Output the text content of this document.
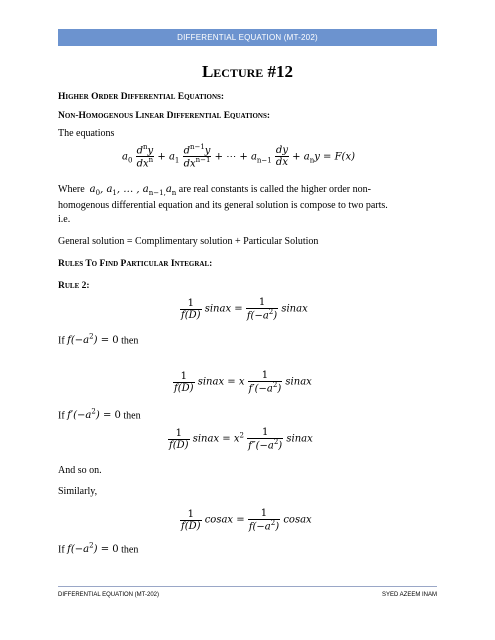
DIFFERENTIAL EQUATION (MT-202)
Lecture #12
Higher Order Differential Equations:
Non-Homogenous Linear Differential Equations:
The equations
$a_0 \frac{d^ny}{dx^n} + a_1 \frac{d^{n-1}y}{dx^{n-1}}$ + ⋯ + $a_{n-1} \frac{dy}{dx} + a_ny = F(x)$
Where  $a_0$, $a_1$, … , $a_{n-1,}a_n$ are real constants is called the higher order non-
homogenous differential equation and its general solution is compose to two parts.
i.e.
General solution = Complimentary solution + Particular Solution
Rules To Find Particular Integral:
Rule 2:
$\frac{1}{f(D)}$ sinax = $\frac{1}{f(-a^2)}$ sinax
If $f(-a^2) = 0$ then
$\frac{1}{f(D)}$ sinax = x $\frac{1}{f'(-a^2)}$ sinax
If $f'(-a^2) = 0$ then
$\frac{1}{f(D)}$ sinax = $x^2 \frac{1}{f''(-a^2)}$ sinax
And so on.
Similarly,
$\frac{1}{f(D)}$ cosax = $\frac{1}{f(-a^2)}$ cosax
If $f(-a^2) = 0$ then
DIFFERENTIAL EQUATION (MT-202)	SYED AZEEM INAM
